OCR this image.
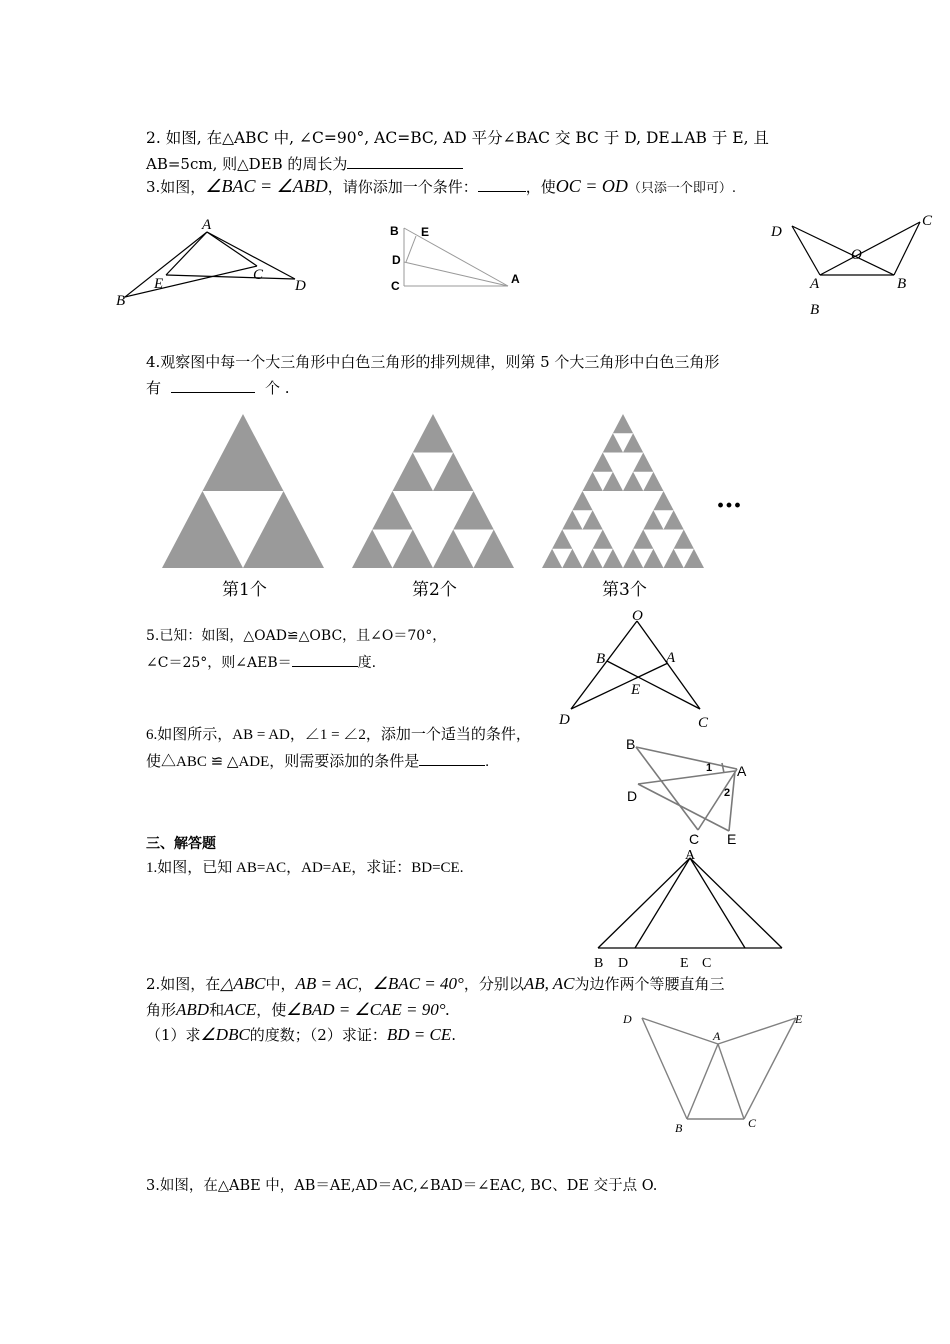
2. 如图, 在△ABC 中, ∠C=90°, AC=BC, AD 平分∠BAC 交 BC 于 D, DE⊥AB 于 E, 且
AB=5cm, 则△DEB 的周长为
3.如图，∠BAC = ∠ABD，请你添加一个条件：	，使OC = OD（只添一个即可）.
A
B
C
D
E
B E
D
C	A
D
C
O
A	B
B
4.观察图中每一个大三角形中白色三角形的排列规律，则第 5 个大三角形中白色三角形
有	个 .
…
第1个	第2个	第3个
5.已知：如图，△OAD≌△OBC，且∠O＝70°，
∠C＝25°，则∠AEB＝	度.
O
B	A
E
D	C
6.如图所示，AB = AD，∠1 = ∠2，添加一个适当的条件，
使△ABC ≌ △ADE，则需要添加的条件是	.
B
A
1
2
D
C E
三、解答题
1.如图，已知 AB=AC，AD=AE，求证：BD=CE.
A
B D	E C
2.如图，在△ABC中，AB = AC，∠BAC = 40°，分别以AB, AC为边作两个等腰直角三
角形ABD和ACE，使∠BAD = ∠CAE = 90°.
（1）求∠DBC的度数；（2）求证：BD = CE.
D
A
E
B	C
3.如图，在△ABE 中，AB＝AE,AD＝AC,∠BAD＝∠EAC, BC、DE 交于点 O.
